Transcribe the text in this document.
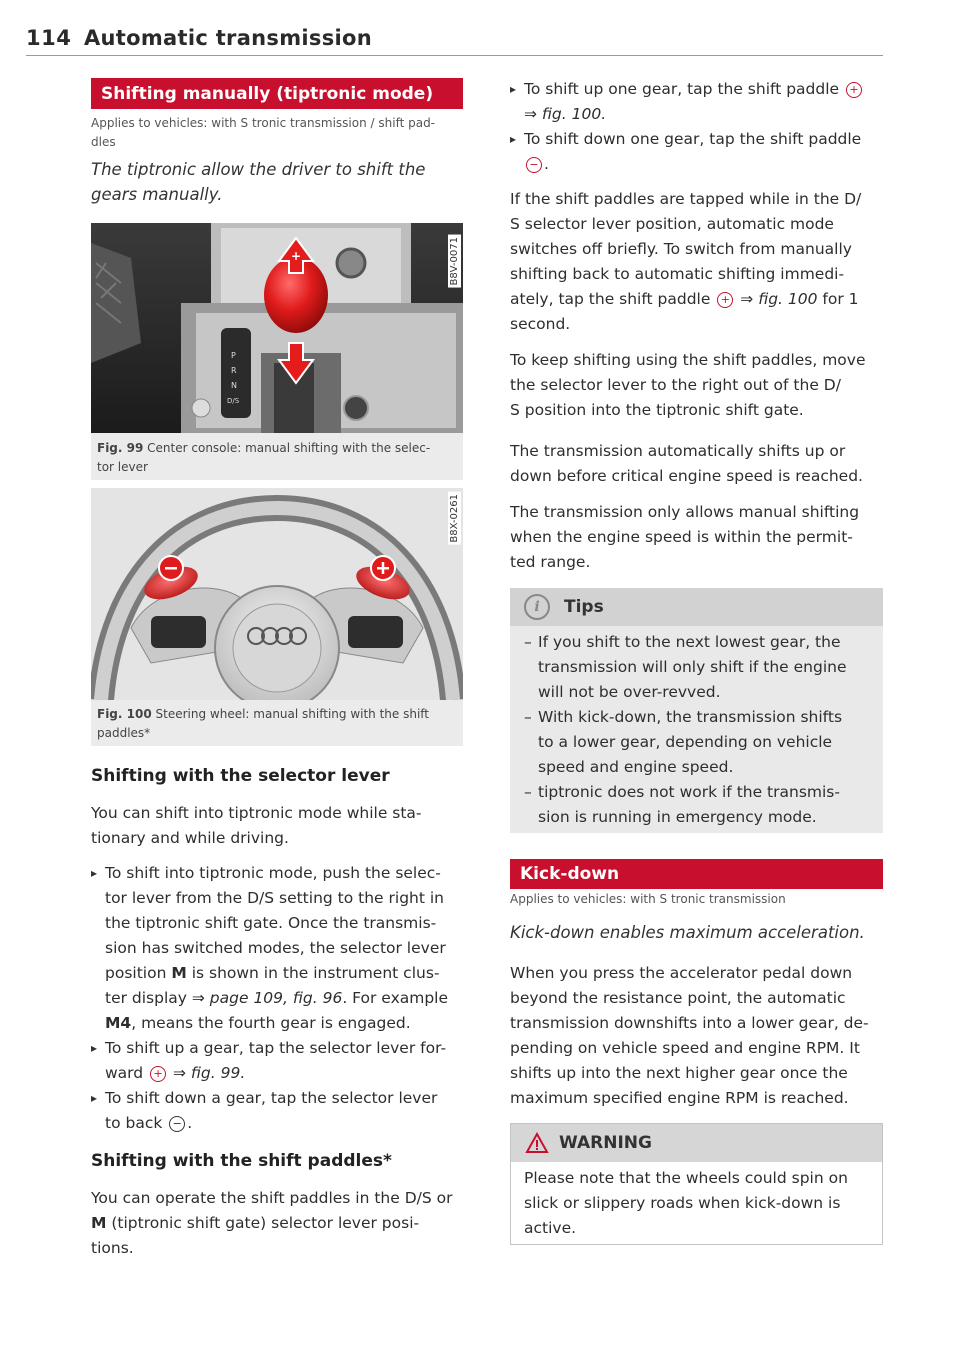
114 Automatic transmission
Shifting manually (tiptronic mode)
Applies to vehicles: with S tronic transmission / shift pad-
dles
The tiptronic allow the driver to shift the
gears manually.
P
R
N
D/S
+	B8V-0071
Fig. 99 Center console: manual shifting with the selec-
tor lever
B8X-0261
Fig. 100 Steering wheel: manual shifting with the shift
paddles*
Shifting with the selector lever
You can shift into tiptronic mode while sta-
tionary and while driving.
▸ To shift into tiptronic mode, push the selec-
tor lever from the D/S setting to the right in
the tiptronic shift gate. Once the transmis-
sion has switched modes, the selector lever
position M is shown in the instrument clus-
ter display ⇒ page 109, fig. 96. For example
M4, means the fourth gear is engaged.
▸ To shift up a gear, tap the selector lever for-
ward + ⇒ fig. 99.
▸ To shift down a gear, tap the selector lever
to back − .
Shifting with the shift paddles*
You can operate the shift paddles in the D/S or
M (tiptronic shift gate) selector lever posi-
tions.
▸ To shift up one gear, tap the shift paddle +
⇒ fig. 100.
▸ To shift down one gear, tap the shift paddle
− .
If the shift paddles are tapped while in the D/
S selector lever position, automatic mode
switches off briefly. To switch from manually
shifting back to automatic shifting immedi-
ately, tap the shift paddle + ⇒ fig. 100 for 1
second.
To keep shifting using the shift paddles, move
the selector lever to the right out of the D/
S position into the tiptronic shift gate.
The transmission automatically shifts up or
down before critical engine speed is reached.
The transmission only allows manual shifting
when the engine speed is within the permit-
ted range.
i	Tips
– If you shift to the next lowest gear, the
transmission will only shift if the engine
will not be over-revved.
– With kick-down, the transmission shifts
to a lower gear, depending on vehicle
speed and engine speed.
– tiptronic does not work if the transmis-
sion is running in emergency mode.
Kick-down
Applies to vehicles: with S tronic transmission
Kick-down enables maximum acceleration.
When you press the accelerator pedal down
beyond the resistance point, the automatic
transmission downshifts into a lower gear, de-
pending on vehicle speed and engine RPM. It
shifts up into the next higher gear once the
maximum specified engine RPM is reached.
WARNING
Please note that the wheels could spin on
slick or slippery roads when kick-down is
active.
